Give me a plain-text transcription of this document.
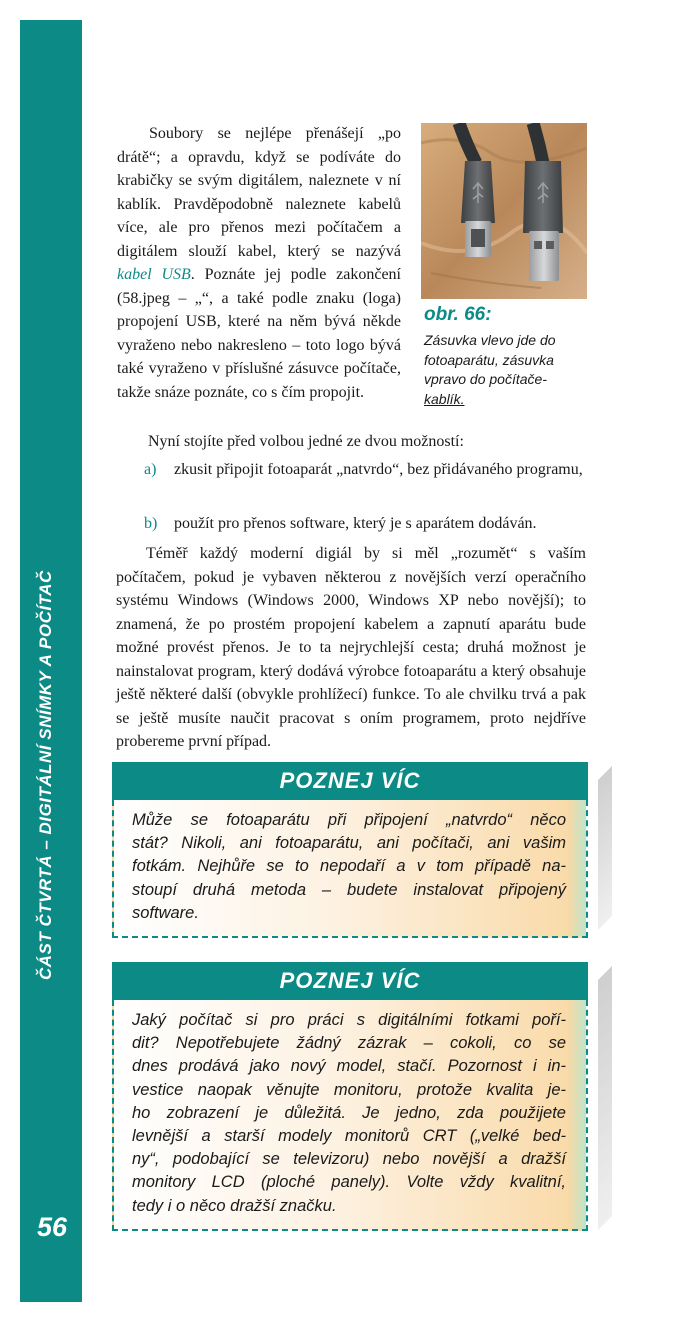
ČÁST ČTVRTÁ – DIGITÁLNÍ SNÍMKY A POČÍTAČ
56
Soubory se nejlépe přenášejí „po drátě“; a opravdu, když se podíváte do krabičky se svým digitálem, naleznete v ní kablík. Pravděpodobně naleznete kabelů více, ale pro přenos mezi počítačem a digitálem slouží kabel, který se nazývá kabel USB. Poznáte jej podle zakončení (58.jpeg – „“, a také podle znaku (loga) propojení USB, které na něm bývá někde vyraženo nebo nakresleno – toto logo bývá také vyraženo v příslušné zásuvce počítače, takže snáze poznáte, co s čím propojit.
obr. 66:
Zásuvka vlevo jde do
fotoaparátu, zásuvka
vpravo do počítače-
kablík.
Nyní stojíte před volbou jedné ze dvou možností:
a) zkusit připojit fotoaparát „natvrdo“, bez přidávaného programu,
b) použít pro přenos software, který je s aparátem dodáván.
Téměř každý moderní digiál by si měl „rozumět“ s vaším počítačem, pokud je vybaven některou z novějších verzí operačního systému Windows (Windows 2000, Windows XP nebo novější); to znamená, že po prostém propojení kabelem a zapnutí aparátu bude možné provést přenos. Je to ta nejrychlejší cesta; druhá možnost je nainstalovat program, který dodává výrobce fotoaparátu a který obsahuje ještě některé další (obvykle prohlížecí) funkce. To ale chvilku trvá a pak se ještě musíte naučit pracovat s oním programem, proto nejdříve probereme první případ.
POZNEJ VÍC
Může se fotoaparátu při připojení „natvrdo“ něco
stát? Nikoli, ani fotoaparátu, ani počítači, ani vašim
fotkám. Nejhůře se to nepodaří a v tom případě na-
stoupí druhá metoda – budete instalovat připojený
software.
POZNEJ VÍC
Jaký počítač si pro práci s digitálními fotkami poří-
dit? Nepotřebujete žádný zázrak – cokoli, co se
dnes prodává jako nový model, stačí. Pozornost i in-
vestice naopak věnujte monitoru, protože kvalita je-
ho zobrazení je důležitá. Je jedno, zda použijete
levnější a starší modely monitorů CRT („velké bed-
ny“, podobající se televizoru) nebo novější a dražší
monitory LCD (ploché panely). Volte vždy kvalitní,
tedy i o něco dražší značku.
